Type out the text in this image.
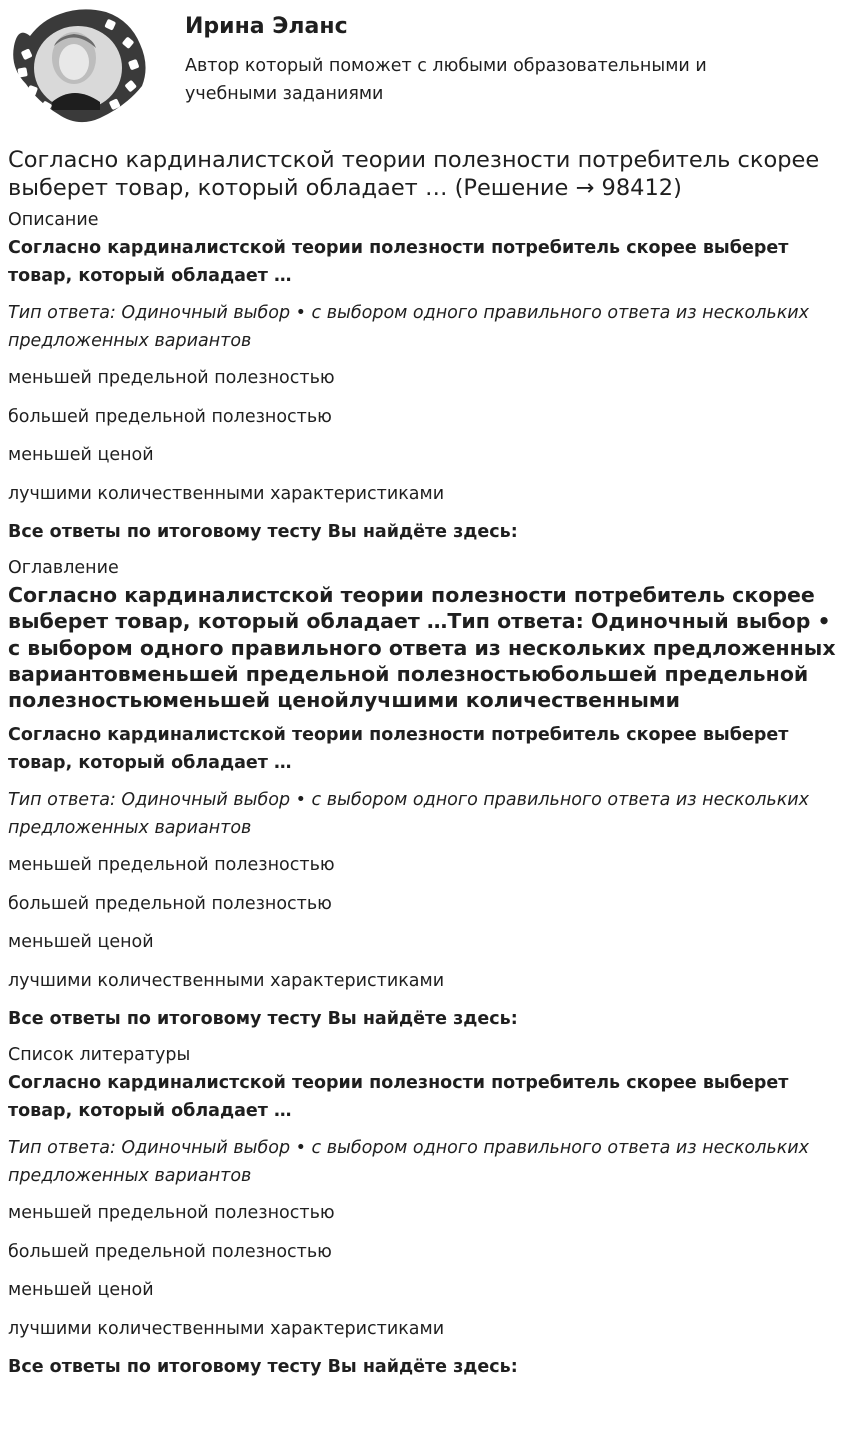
Ирина Эланс

Автор который поможет с любыми образовательными и учебными заданиями

Согласно кардиналистской теории полезности потребитель скорее выберет товар, который обладает … (Решение → 98412)
Описание

Согласно кардиналистской теории полезности потребитель скорее выберет товар, который обладает …

Тип ответа: Одиночный выбор • с выбором одного правильного ответа из нескольких предложенных вариантов

меньшей предельной полезностью

большей предельной полезностью

меньшей ценой

лучшими количественными характеристиками

Все ответы по итоговому тесту Вы найдёте здесь:

Оглавление
Согласно кардиналистской теории полезности потребитель скорее выберет товар, который обладает …Тип ответа: Одиночный выбор • с выбором одного правильного ответа из нескольких предложенных вариантовменьшей предельной полезностьюбольшей предельной полезностьюменьшей ценойлучшими количественными

Согласно кардиналистской теории полезности потребитель скорее выберет товар, который обладает …

Тип ответа: Одиночный выбор • с выбором одного правильного ответа из нескольких предложенных вариантов

меньшей предельной полезностью

большей предельной полезностью

меньшей ценой

лучшими количественными характеристиками

Все ответы по итоговому тесту Вы найдёте здесь:

Список литературы

Согласно кардиналистской теории полезности потребитель скорее выберет товар, который обладает …

Тип ответа: Одиночный выбор • с выбором одного правильного ответа из нескольких предложенных вариантов

меньшей предельной полезностью

большей предельной полезностью

меньшей ценой

лучшими количественными характеристиками

Все ответы по итоговому тесту Вы найдёте здесь:
